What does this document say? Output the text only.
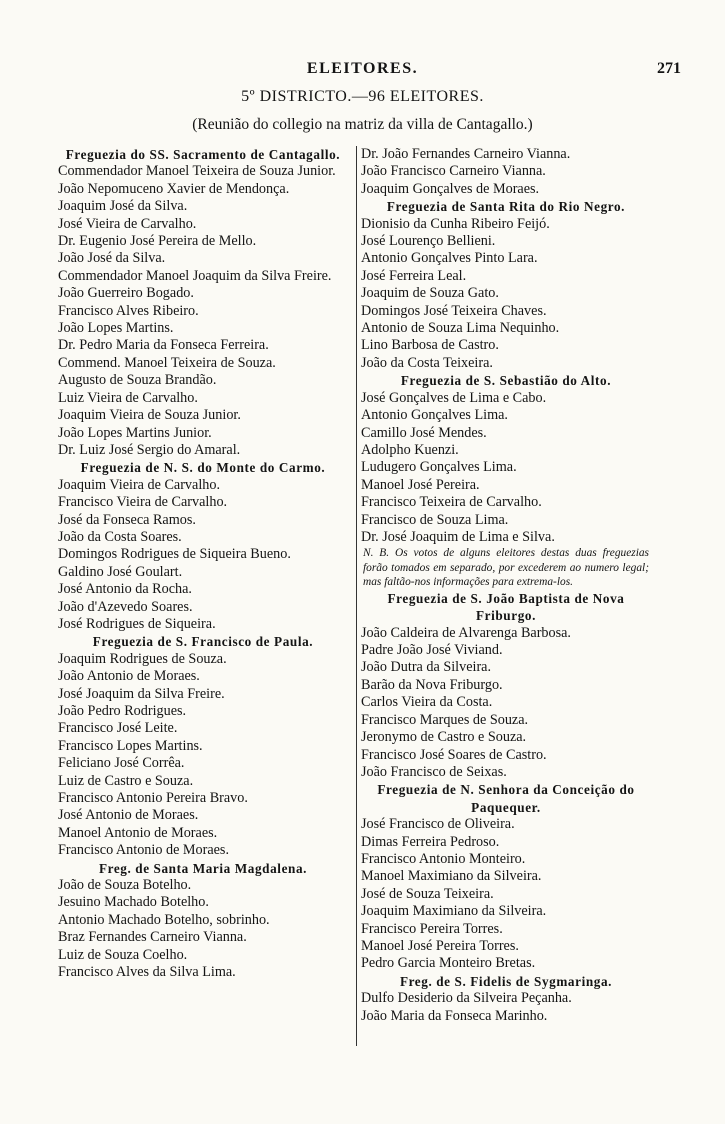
ELEITORES.	271
5º DISTRICTO.—96 ELEITORES.
(Reunião do collegio na matriz da villa de Cantagallo.)
Freguezia do SS. Sacramento de Cantagallo.
Commendador Manoel Teixeira de Souza Junior.
João Nepomuceno Xavier de Mendonça.
Joaquim José da Silva.
José Vieira de Carvalho.
Dr. Eugenio José Pereira de Mello.
João José da Silva.
Commendador Manoel Joaquim da Silva Freire.
João Guerreiro Bogado.
Francisco Alves Ribeiro.
João Lopes Martins.
Dr. Pedro Maria da Fonseca Ferreira.
Commend. Manoel Teixeira de Souza.
Augusto de Souza Brandão.
Luiz Vieira de Carvalho.
Joaquim Vieira de Souza Junior.
João Lopes Martins Junior.
Dr. Luiz José Sergio do Amaral.
Freguezia de N. S. do Monte do Carmo.
Joaquim Vieira de Carvalho.
Francisco Vieira de Carvalho.
José da Fonseca Ramos.
João da Costa Soares.
Domingos Rodrigues de Siqueira Bueno.
Galdino José Goulart.
José Antonio da Rocha.
João d'Azevedo Soares.
José Rodrigues de Siqueira.
Freguezia de S. Francisco de Paula.
Joaquim Rodrigues de Souza.
João Antonio de Moraes.
José Joaquim da Silva Freire.
João Pedro Rodrigues.
Francisco José Leite.
Francisco Lopes Martins.
Feliciano José Corrêa.
Luiz de Castro e Souza.
Francisco Antonio Pereira Bravo.
José Antonio de Moraes.
Manoel Antonio de Moraes.
Francisco Antonio de Moraes.
Freg. de Santa Maria Magdalena.
João de Souza Botelho.
Jesuino Machado Botelho.
Antonio Machado Botelho, sobrinho.
Braz Fernandes Carneiro Vianna.
Luiz de Souza Coelho.
Francisco Alves da Silva Lima.
Dr. João Fernandes Carneiro Vianna.
João Francisco Carneiro Vianna.
Joaquim Gonçalves de Moraes.
Freguezia de Santa Rita do Rio Negro.
Dionisio da Cunha Ribeiro Feijó.
José Lourenço Bellieni.
Antonio Gonçalves Pinto Lara.
José Ferreira Leal.
Joaquim de Souza Gato.
Domingos José Teixeira Chaves.
Antonio de Souza Lima Nequinho.
Lino Barbosa de Castro.
João da Costa Teixeira.
Freguezia de S. Sebastião do Alto.
José Gonçalves de Lima e Cabo.
Antonio Gonçalves Lima.
Camillo José Mendes.
Adolpho Kuenzi.
Ludugero Gonçalves Lima.
Manoel José Pereira.
Francisco Teixeira de Carvalho.
Francisco de Souza Lima.
Dr. José Joaquim de Lima e Silva.
N. B. Os votos de alguns eleitores destas duas freguezias forão tomados em separado, por excederem ao numero legal; mas faltão-nos informações para extrema-los.
Freguezia de S. João Baptista de Nova Friburgo.
João Caldeira de Alvarenga Barbosa.
Padre João José Viviand.
João Dutra da Silveira.
Barão da Nova Friburgo.
Carlos Vieira da Costa.
Francisco Marques de Souza.
Jeronymo de Castro e Souza.
Francisco José Soares de Castro.
João Francisco de Seixas.
Freguezia de N. Senhora da Conceição do Paquequer.
José Francisco de Oliveira.
Dimas Ferreira Pedroso.
Francisco Antonio Monteiro.
Manoel Maximiano da Silveira.
José de Souza Teixeira.
Joaquim Maximiano da Silveira.
Francisco Pereira Torres.
Manoel José Pereira Torres.
Pedro Garcia Monteiro Bretas.
Freg. de S. Fidelis de Sygmaringa.
Dulfo Desiderio da Silveira Peçanha.
João Maria da Fonseca Marinho.
